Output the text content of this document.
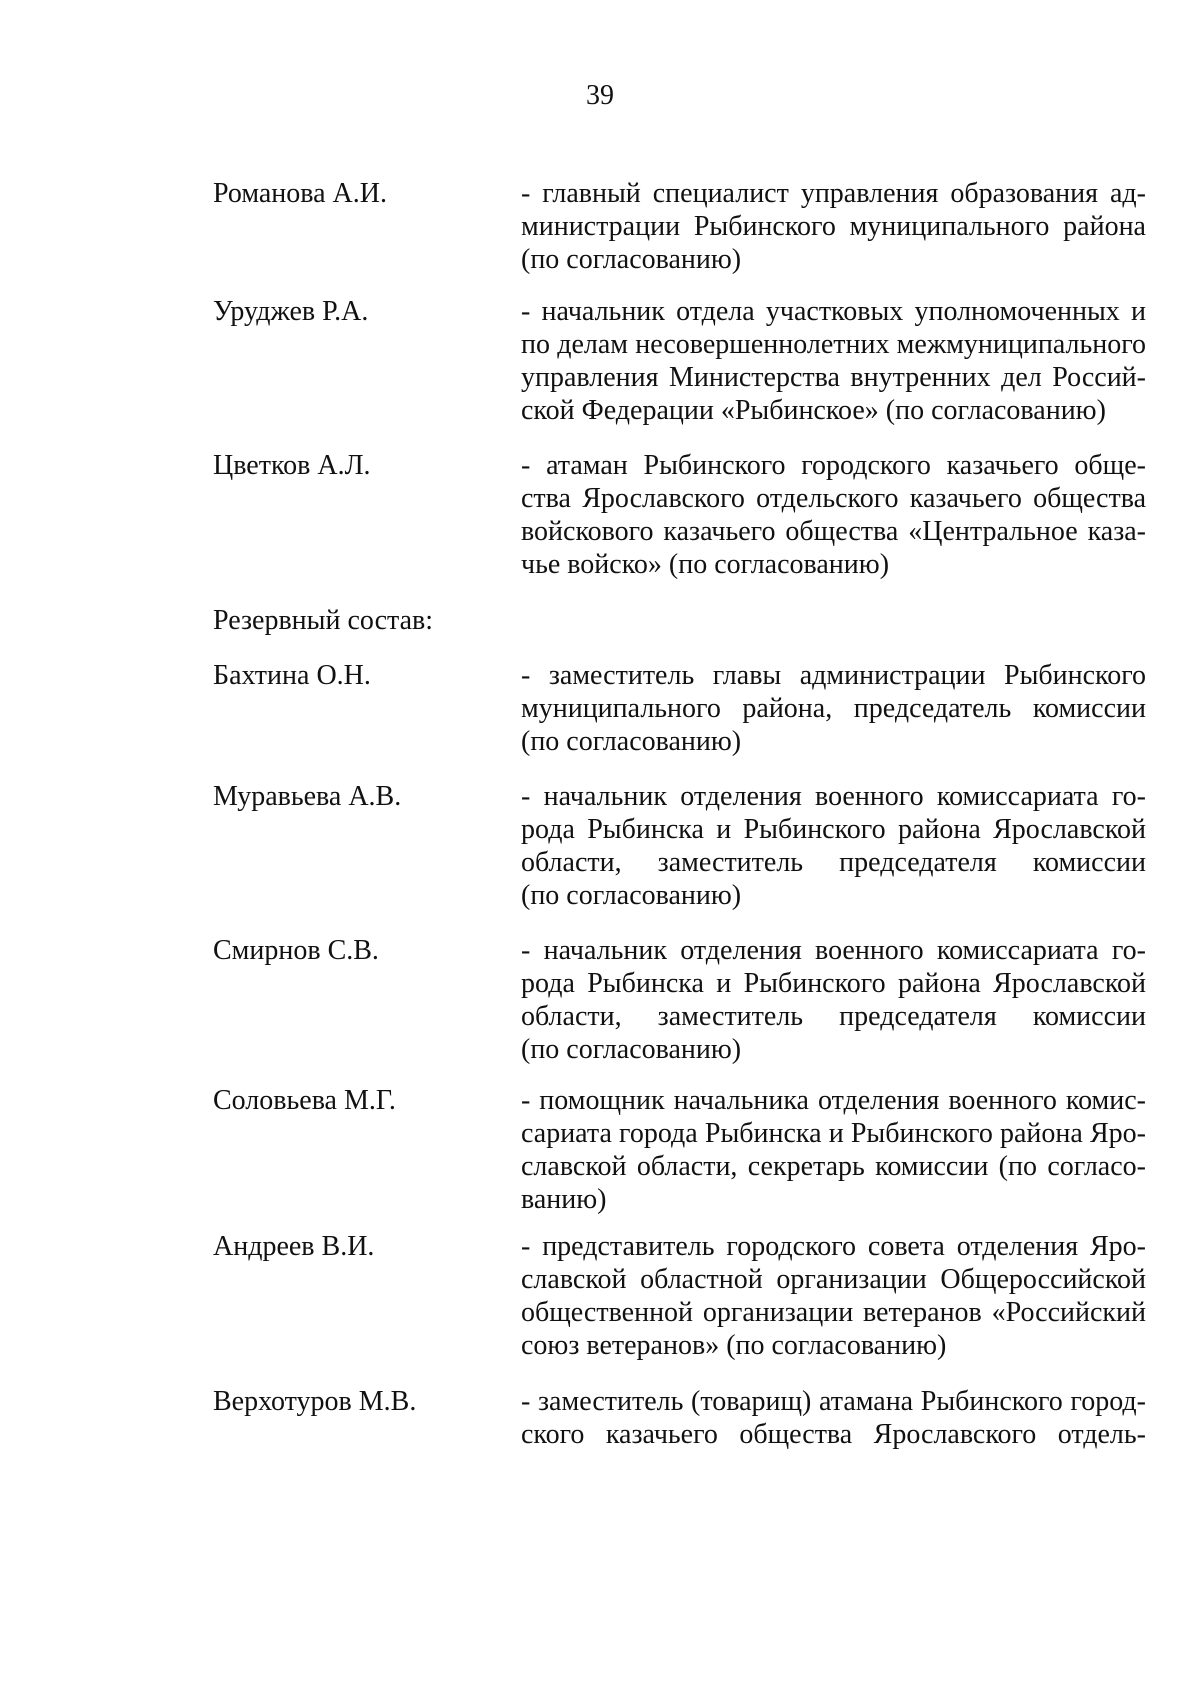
39
Романова А.И.	- главный специалист управления образования ад-
министрации Рыбинского муниципального района
(по согласованию)
Уруджев Р.А.	- начальник отдела участковых уполномоченных и
по делам несовершеннолетних межмуниципального
управления Министерства внутренних дел Россий-
ской Федерации «Рыбинское» (по согласованию)
Цветков А.Л.	- атаман Рыбинского городского казачьего обще-
ства Ярославского отдельского казачьего общества
войскового казачьего общества «Центральное каза-
чье войско» (по согласованию)
Резервный состав:
Бахтина О.Н.	- заместитель главы администрации Рыбинского
муниципального района, председатель комиссии
(по согласованию)
Муравьева А.В.	- начальник отделения военного комиссариата го-
рода Рыбинска и Рыбинского района Ярославской
области, заместитель председателя комиссии
(по согласованию)
Смирнов С.В.	- начальник отделения военного комиссариата го-
рода Рыбинска и Рыбинского района Ярославской
области, заместитель председателя комиссии
(по согласованию)
Соловьева М.Г.	- помощник начальника отделения военного комис-
сариата города Рыбинска и Рыбинского района Яро-
славской области, секретарь комиссии (по согласо-
ванию)
Андреев В.И.	- представитель городского совета отделения Яро-
славской областной организации Общероссийской
общественной организации ветеранов «Российский
союз ветеранов» (по согласованию)
Верхотуров М.В.	- заместитель (товарищ) атамана Рыбинского город-
ского казачьего общества Ярославского отдель-
